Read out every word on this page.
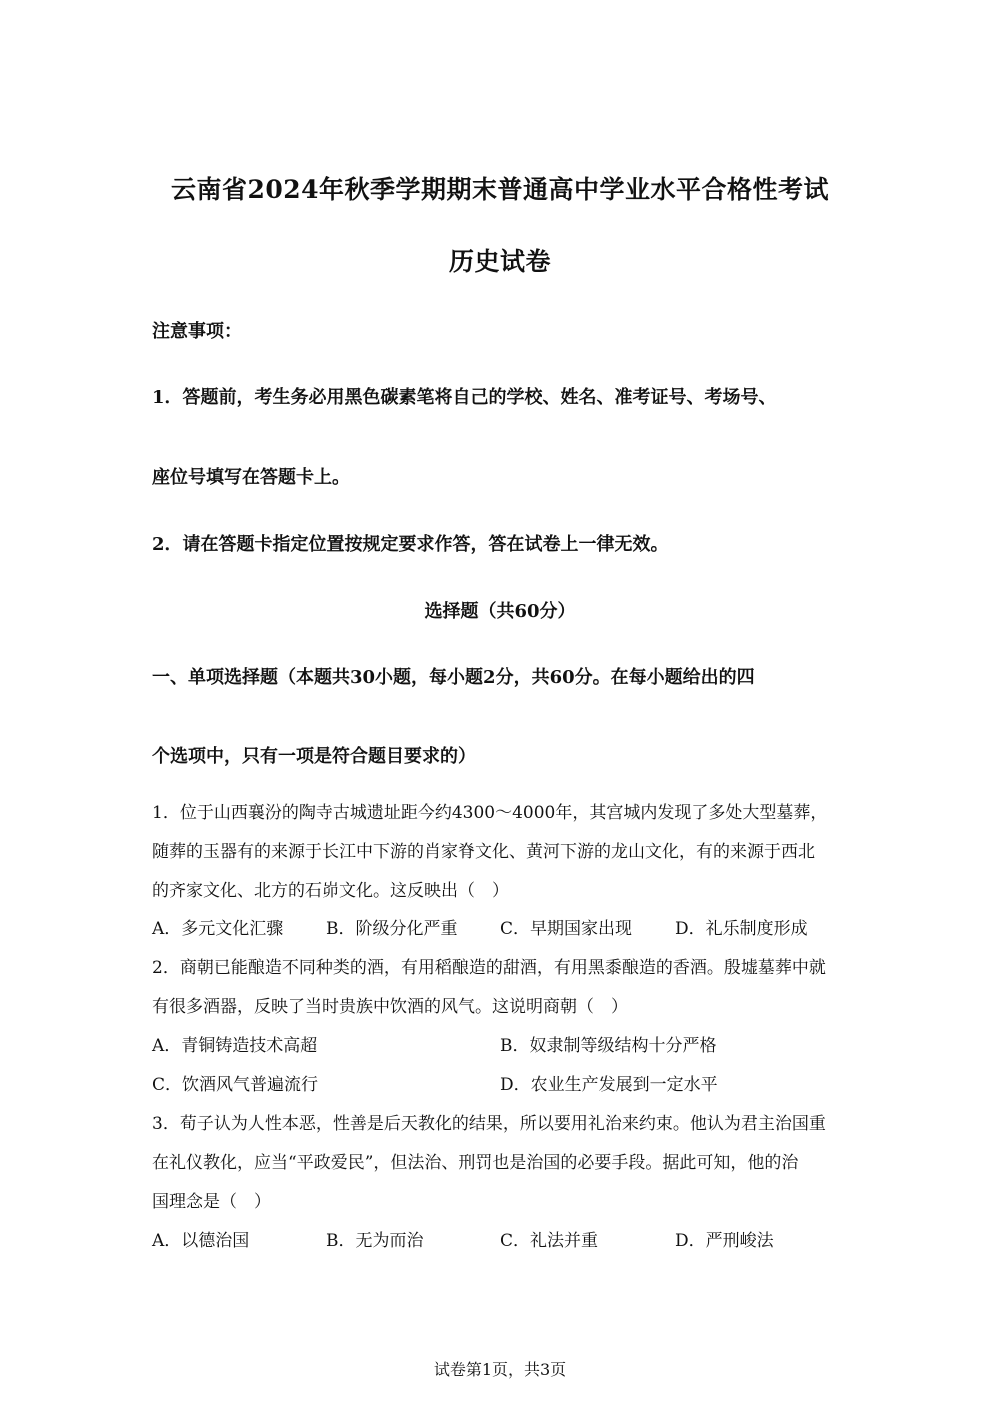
云南省2024年秋季学期期末普通高中学业水平合格性考试
历史试卷
注意事项：
1．答题前，考生务必用黑色碳素笔将自己的学校、姓名、准考证号、考场号、
座位号填写在答题卡上。
2．请在答题卡指定位置按规定要求作答，答在试卷上一律无效。
选择题（共60分）
一、单项选择题（本题共30小题，每小题2分，共60分。在每小题给出的四
个选项中，只有一项是符合题目要求的）
1．位于山西襄汾的陶寺古城遗址距今约4300～4000年，其宫城内发现了多处大型墓葬，
随葬的玉器有的来源于长江中下游的肖家脊文化、黄河下游的龙山文化，有的来源于西北
的齐家文化、北方的石峁文化。这反映出（　）
A．多元文化汇骤	B．阶级分化严重	C．早期国家出现	D．礼乐制度形成
2．商朝已能酿造不同种类的酒，有用稻酿造的甜酒，有用黑黍酿造的香酒。殷墟墓葬中就
有很多酒器，反映了当时贵族中饮酒的风气。这说明商朝（　）
A．青铜铸造技术高超	B．奴隶制等级结构十分严格
C．饮酒风气普遍流行	D．农业生产发展到一定水平
3．荀子认为人性本恶，性善是后天教化的结果，所以要用礼治来约束。他认为君主治国重
在礼仪教化，应当“平政爱民”，但法治、刑罚也是治国的必要手段。据此可知，他的治
国理念是（　）
A．以德治国	B．无为而治	C．礼法并重	D．严刑峻法
试卷第1页，共3页
